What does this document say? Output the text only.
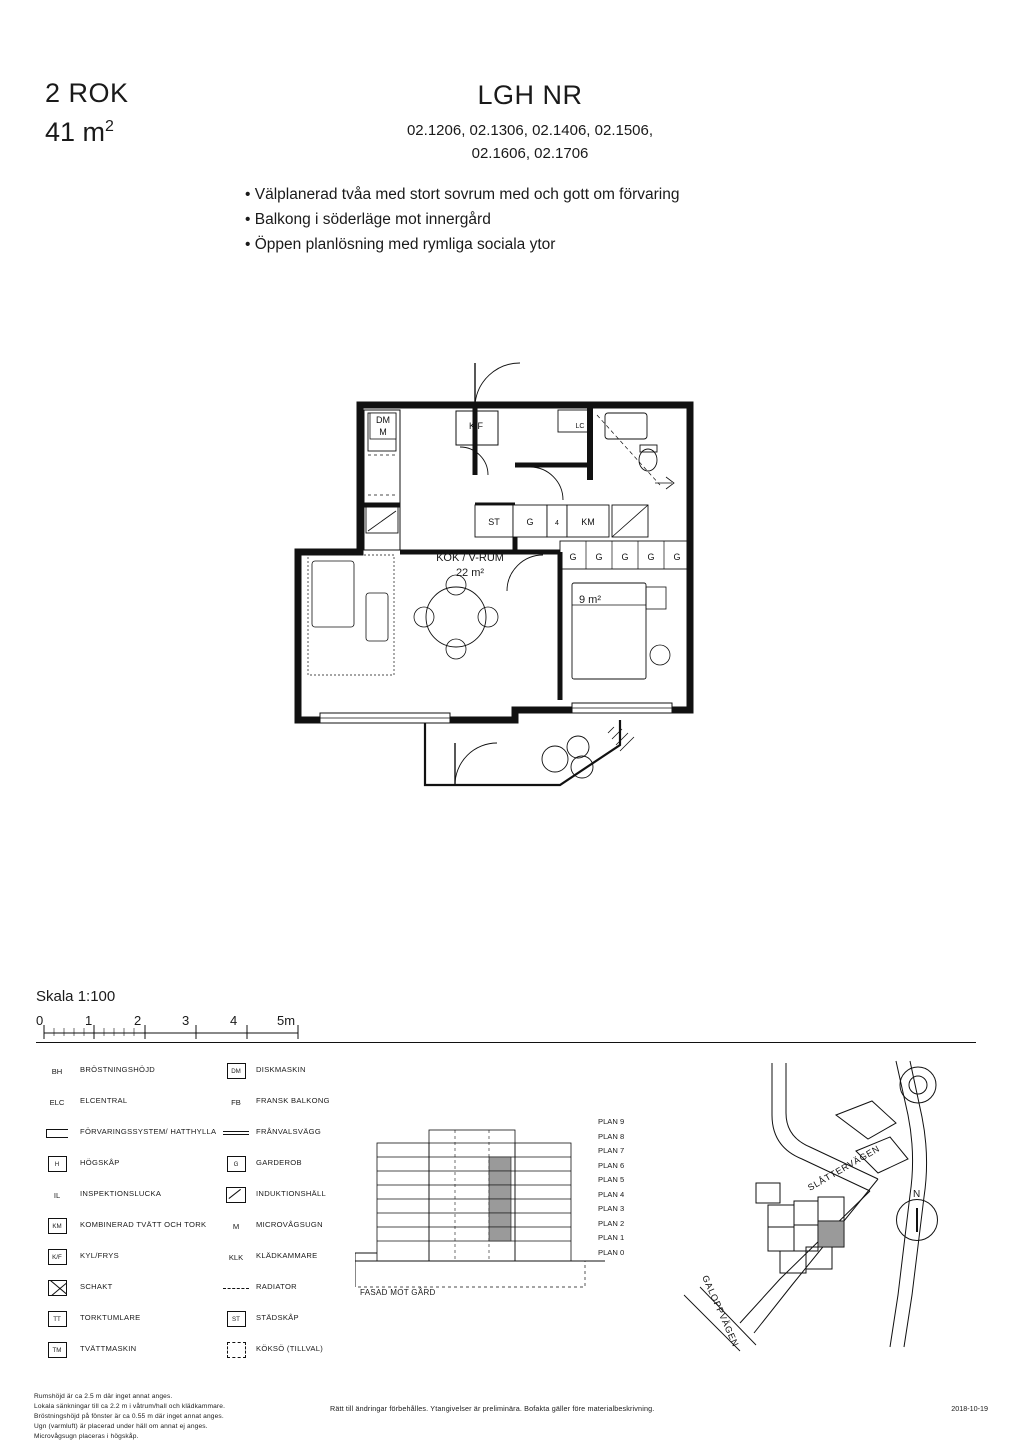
2 ROK
41 $m^2$
LGH NR
02.1206, 02.1306, 02.1406, 02.1506,
02.1606, 02.1706
• Välplanerad tvåa med stort sovrum med och gott om förvaring
• Balkong i söderläge mot innergård
• Öppen planlösning med rymliga sociala ytor
DM
M
K/F	LC
ST	G	4 KM
G G G G G
KÖK / V-RUM
22 m²
9 m²
Skala 1:100
0	1	2	3	4	5m
BH BRÖSTNINGSHÖJD
ELC ELCENTRAL
FÖRVARINGSSYSTEM/ HATTHYLLA
H	HÖGSKÅP
IL	INSPEKTIONSLUCKA
KM KOMBINERAD TVÄTT OCH TORK
K/F KYL/FRYS
SCHAKT
TT	TORKTUMLARE
TM TVÄTTMASKIN
DM DISKMASKIN
FB FRANSK BALKONG
FRÅNVALSVÄGG
G GARDEROB
INDUKTIONSHÄLL
M MICROVÅGSUGN
KLK KLÄDKAMMARE
RADIATOR
ST STÄDSKÅP
KÖKSÖ (TILLVAL)
FASAD MOT GÅRD
PLAN 9
PLAN 8
PLAN 7
PLAN 6
PLAN 5
PLAN 4
PLAN 3
PLAN 2
PLAN 1
PLAN 0
SLÅTTERVÄGEN
GALOPPVÄGEN
N
Rumshöjd är ca 2.5 m där inget annat anges.
Lokala sänkningar till ca 2.2 m i våtrum/hall och klädkammare.
Bröstningshöjd på fönster är ca 0.55 m där inget annat anges.
Ugn (varmluft) är placerad under häll om annat ej anges.
Microvågsugn placeras i högskåp.
Rätt till ändringar förbehålles. Ytangivelser är preliminära. Bofakta gäller före materialbeskrivning.	2018-10-19
